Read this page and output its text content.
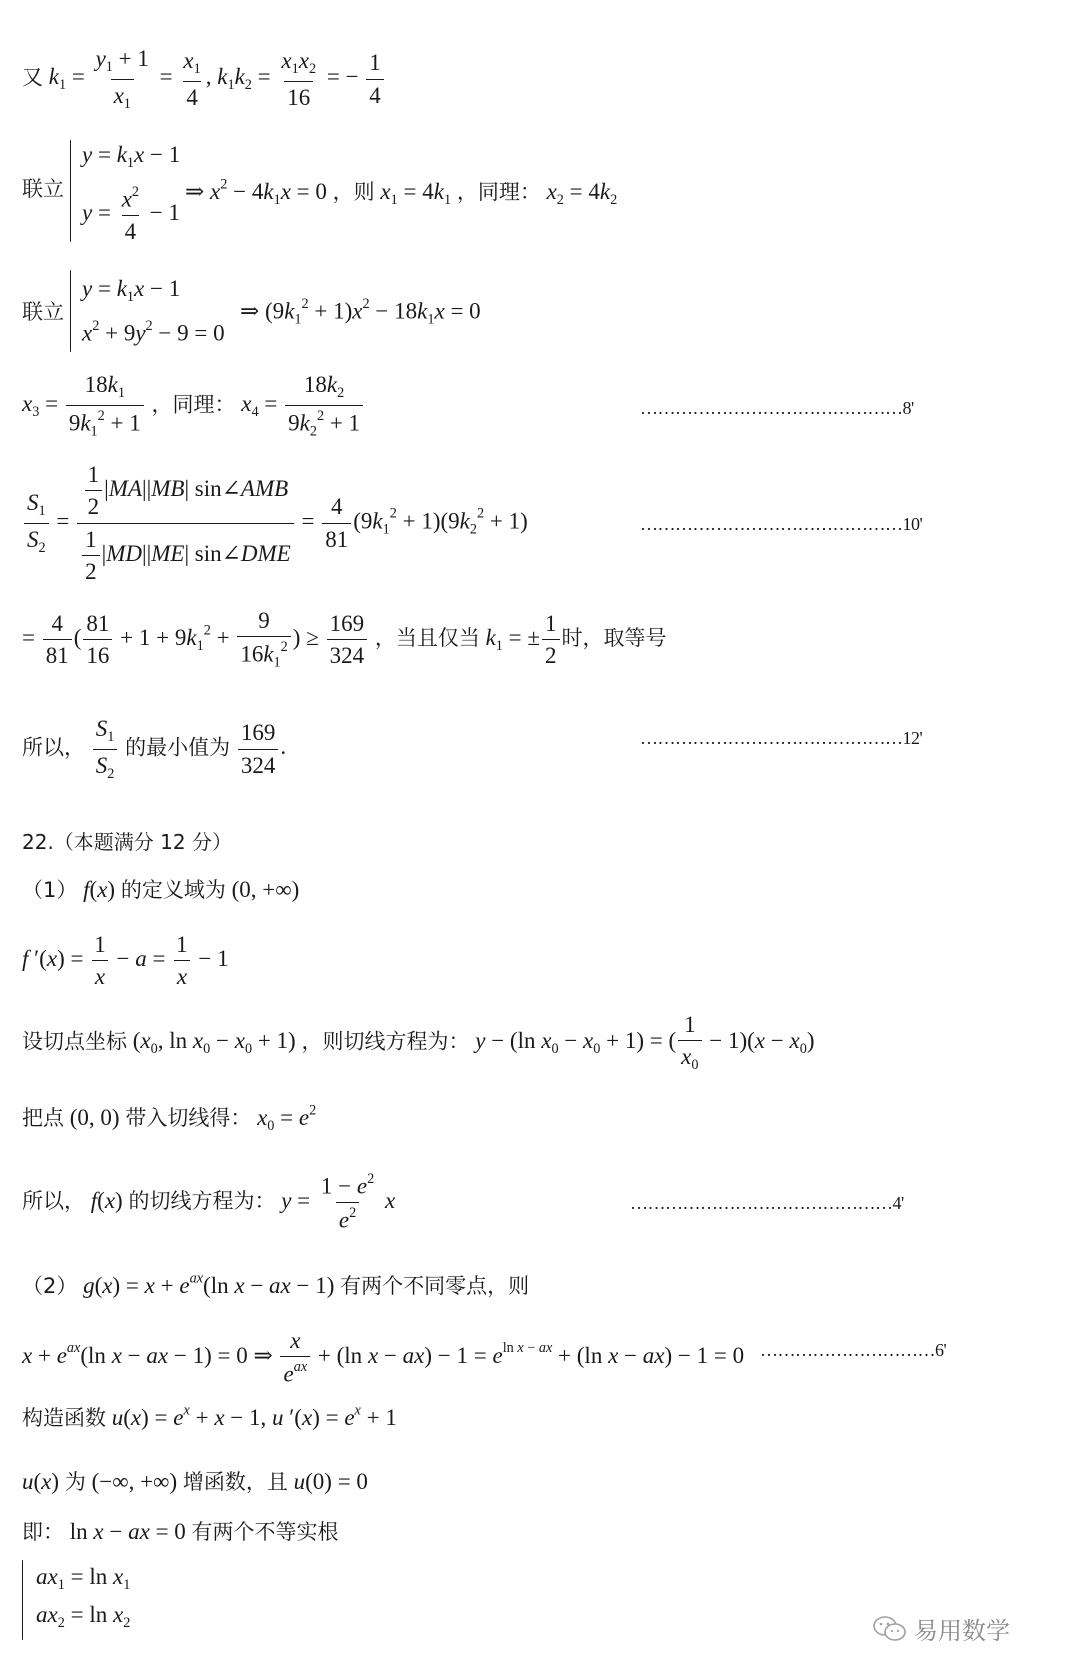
又 $k_1 = \frac{y_1 + 1}{x_1} = \frac{x_1}{4}$ , $k_1k_2 = \frac{x_1x_2}{16}$ = − $\frac{1}{4}$
联立
$y = k_1x - 1$
$y = \frac{x^2}{4} - 1$
⇒ $x^2 - 4k_1x = 0$ ，则 $x_1 = 4k_1$ ，同理： $x_2 = 4k_2$
联立
$y = k_1x - 1$
$x^2 + 9y^2 - 9 = 0$
⇒ $(9k_1^2 + 1)x^2 - 18k_1x = 0$
$x_3 = \frac{18k_1}{9k_1^2 + 1}$ ，同理： $x_4 = \frac{18k_2}{9k_2^2 + 1}$	………………………………………8'
$\frac{S_1}{S_2} = \frac{\frac{1}{2} |MA||MB| \sin\angle AMB}{\frac{1}{2} |MD||ME| \sin\angle DME} = \frac{4}{81} (9k_1^2 + 1)(9k_2^2 + 1)$	………………………………………10'
= $\frac{4}{81}$ ( $\frac{81}{16} + 1 + 9k_1^2 + \frac{9}{16k_1^2}$ ) ≥ $\frac{169}{324}$ ，当且仅当 $k_1$ = ± $\frac{1}{2}$ 时，取等号
所以， $\frac{S_1}{S_2}$ 的最小值为 $\frac{169}{324}$ .	………………………………………12'
22.（本题满分 12 分）
（1） f(x) 的定义域为 (0, +∞)
f $'(x) = \frac{1}{x} - a = \frac{1}{x} - 1$
设切点坐标 ($x_0$, $\ln x_0 - x_0 + 1$) ，则切线方程为： y − (ln $x_0 - x_0 + 1$) = ( $\frac{1}{x_0} - 1)(x - x_0)$
把点 (0, 0) 带入切线得： $x_0 = e^2$
所以， f(x) 的切线方程为： $y = \frac{1 - e^2}{e^2}$ x	………………………………………4'
（2） $g(x) = x + e^{ax}(\ln$ x − ax − 1) 有两个不同零点，则
$x + e^{ax}(\ln$ x − ax − 1) = 0 ⇒ $\frac{x}{e^{ax}} + (\ln$ $x - ax) - 1 = e^{ln x - ax} + (\ln$ x − ax) − 1 = 0 …………………………6'
构造函数 $u(x) = e^x + x - 1$, u $'(x) = e^x + 1$
u(x) 为 (−∞, +∞) 增函数，且 u(0) = 0
即： ln x − ax = 0 有两个不等实根
$ax_1 = \ln x_1$
$ax_2 = \ln x_2$	易用数学
